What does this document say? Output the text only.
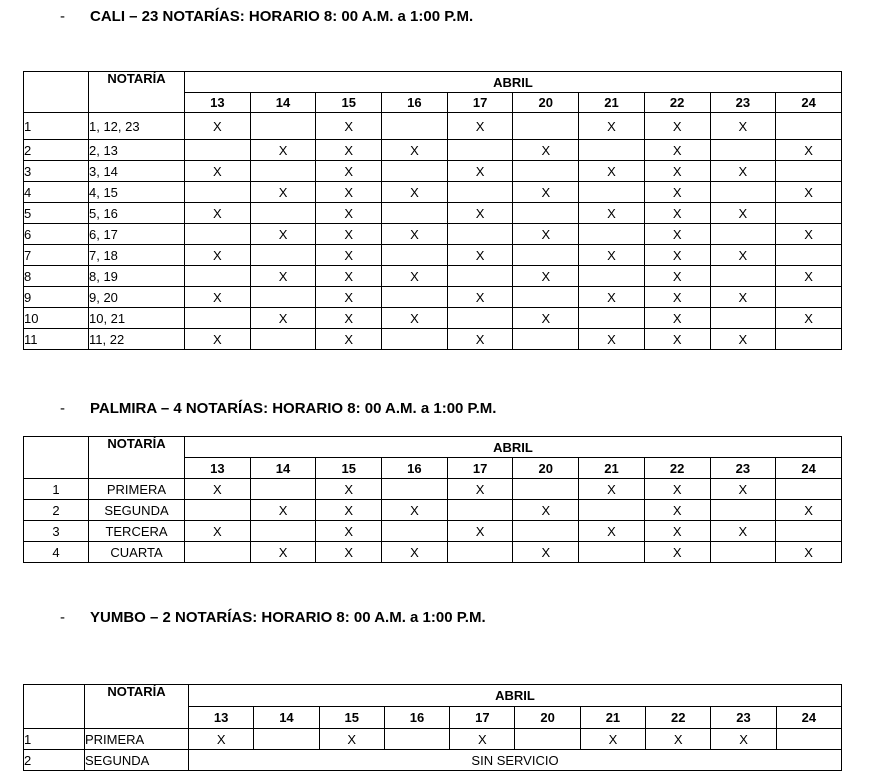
- CALI – 23 NOTARÍAS: HORARIO 8: 00 A.M. a 1:00 P.M.
	NOTARÍA	ABRIL									
		13	14	15	16	17	20	21	22	23	24
1	1, 12, 23	X		X		X		X	X	X	
2	2, 13		X	X	X		X		X		X
3	3, 14	X		X		X		X	X	X	
4	4, 15		X	X	X		X		X		X
5	5, 16	X		X		X		X	X	X	
6	6, 17		X	X	X		X		X		X
7	7, 18	X		X		X		X	X	X	
8	8, 19		X	X	X		X		X		X
9	9, 20	X		X		X		X	X	X	
10	10, 21		X	X	X		X		X		X
11	11, 22	X		X		X		X	X	X	
- PALMIRA – 4 NOTARÍAS: HORARIO 8: 00 A.M. a 1:00 P.M.
	NOTARÍA	ABRIL									
		13	14	15	16	17	20	21	22	23	24
1	PRIMERA	X		X		X		X	X	X	
2	SEGUNDA		X	X	X		X		X		X
3	TERCERA	X		X		X		X	X	X	
4	CUARTA		X	X	X		X		X		X
- YUMBO – 2 NOTARÍAS: HORARIO 8: 00 A.M. a 1:00 P.M.
	NOTARÍA	ABRIL									
		13	14	15	16	17	20	21	22	23	24
1	PRIMERA	X		X		X		X	X	X	
2	SEGUNDA	SIN SERVICIO									
